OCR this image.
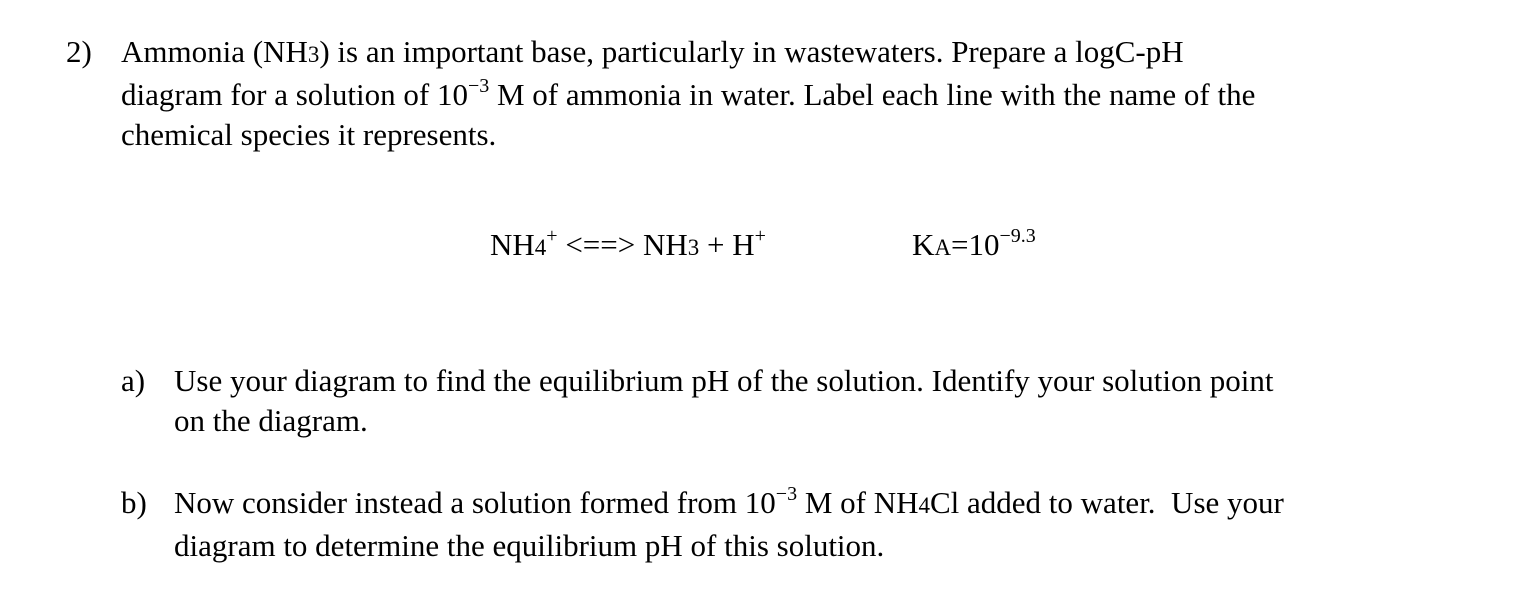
2) Ammonia (NH3) is an important base, particularly in wastewaters. Prepare a logC-pH
diagram for a solution of $10^{-3}$ M of ammonia in water. Label each line with the name of the
chemical species it represents.
NH4+ <==> NH3 + H+	$KA=10^{-9.3}$
a) Use your diagram to find the equilibrium pH of the solution. Identify your solution point
on the diagram.
b) Now consider instead a solution formed from $10^{-3}$ M of NH4Cl added to water.  Use your
diagram to determine the equilibrium pH of this solution.
